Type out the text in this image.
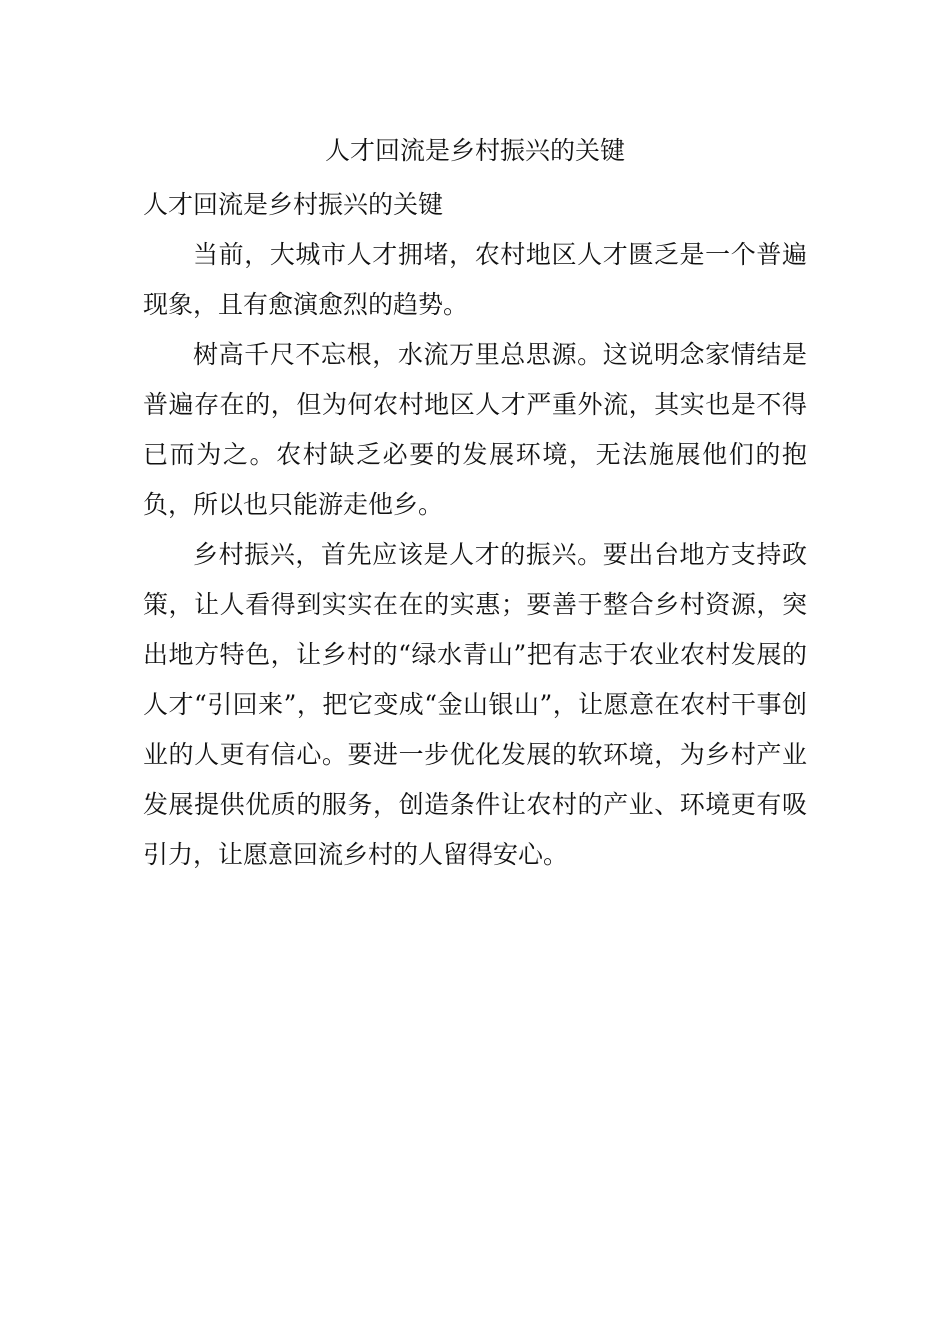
人才回流是乡村振兴的关键

人才回流是乡村振兴的关键

当前，大城市人才拥堵，农村地区人才匮乏是一个普遍现象，且有愈演愈烈的趋势。

树高千尺不忘根，水流万里总思源。这说明念家情结是普遍存在的，但为何农村地区人才严重外流，其实也是不得已而为之。农村缺乏必要的发展环境，无法施展他们的抱负，所以也只能游走他乡。

乡村振兴，首先应该是人才的振兴。要出台地方支持政策，让人看得到实实在在的实惠；要善于整合乡村资源，突出地方特色，让乡村的“绿水青山”把有志于农业农村发展的人才“引回来”，把它变成“金山银山”，让愿意在农村干事创业的人更有信心。要进一步优化发展的软环境，为乡村产业发展提供优质的服务，创造条件让农村的产业、环境更有吸引力，让愿意回流乡村的人留得安心。
